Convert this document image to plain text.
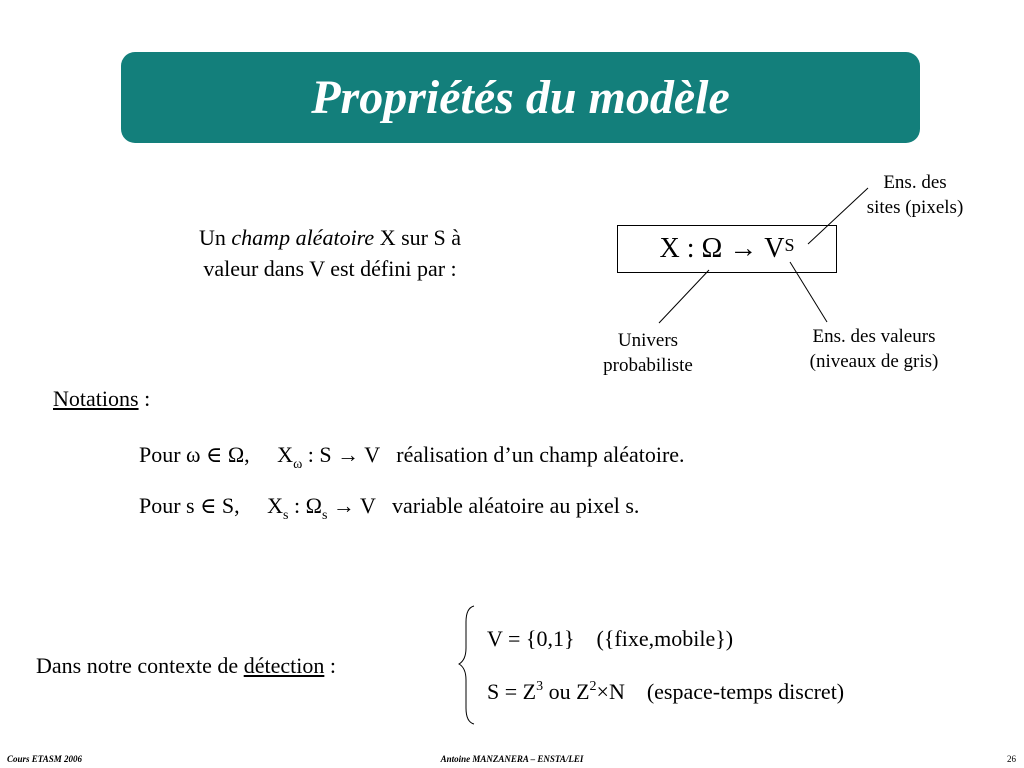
Propriétés du modèle
Un champ aléatoire X sur S à
valeur dans V est défini par :
X : $\Omega \to V^S$
Ens. des
sites (pixels)
Univers
probabiliste
Ens. des valeurs
(niveaux de gris)
Notations :
Pour ω ∈ Ω,     $X_\omega$ : S → V   réalisation d’un champ aléatoire.
Pour s ∈ S,     $X_s$ : $\Omega_s \to V$   variable aléatoire au pixel s.
Dans notre contexte de détection :
V = {0,1}    ({fixe,mobile})
$S = Z^3$ ou $Z^2\times N$    (espace-temps discret)
Cours ETASM 2006	Antoine MANZANERA – ENSTA/LEI	26
